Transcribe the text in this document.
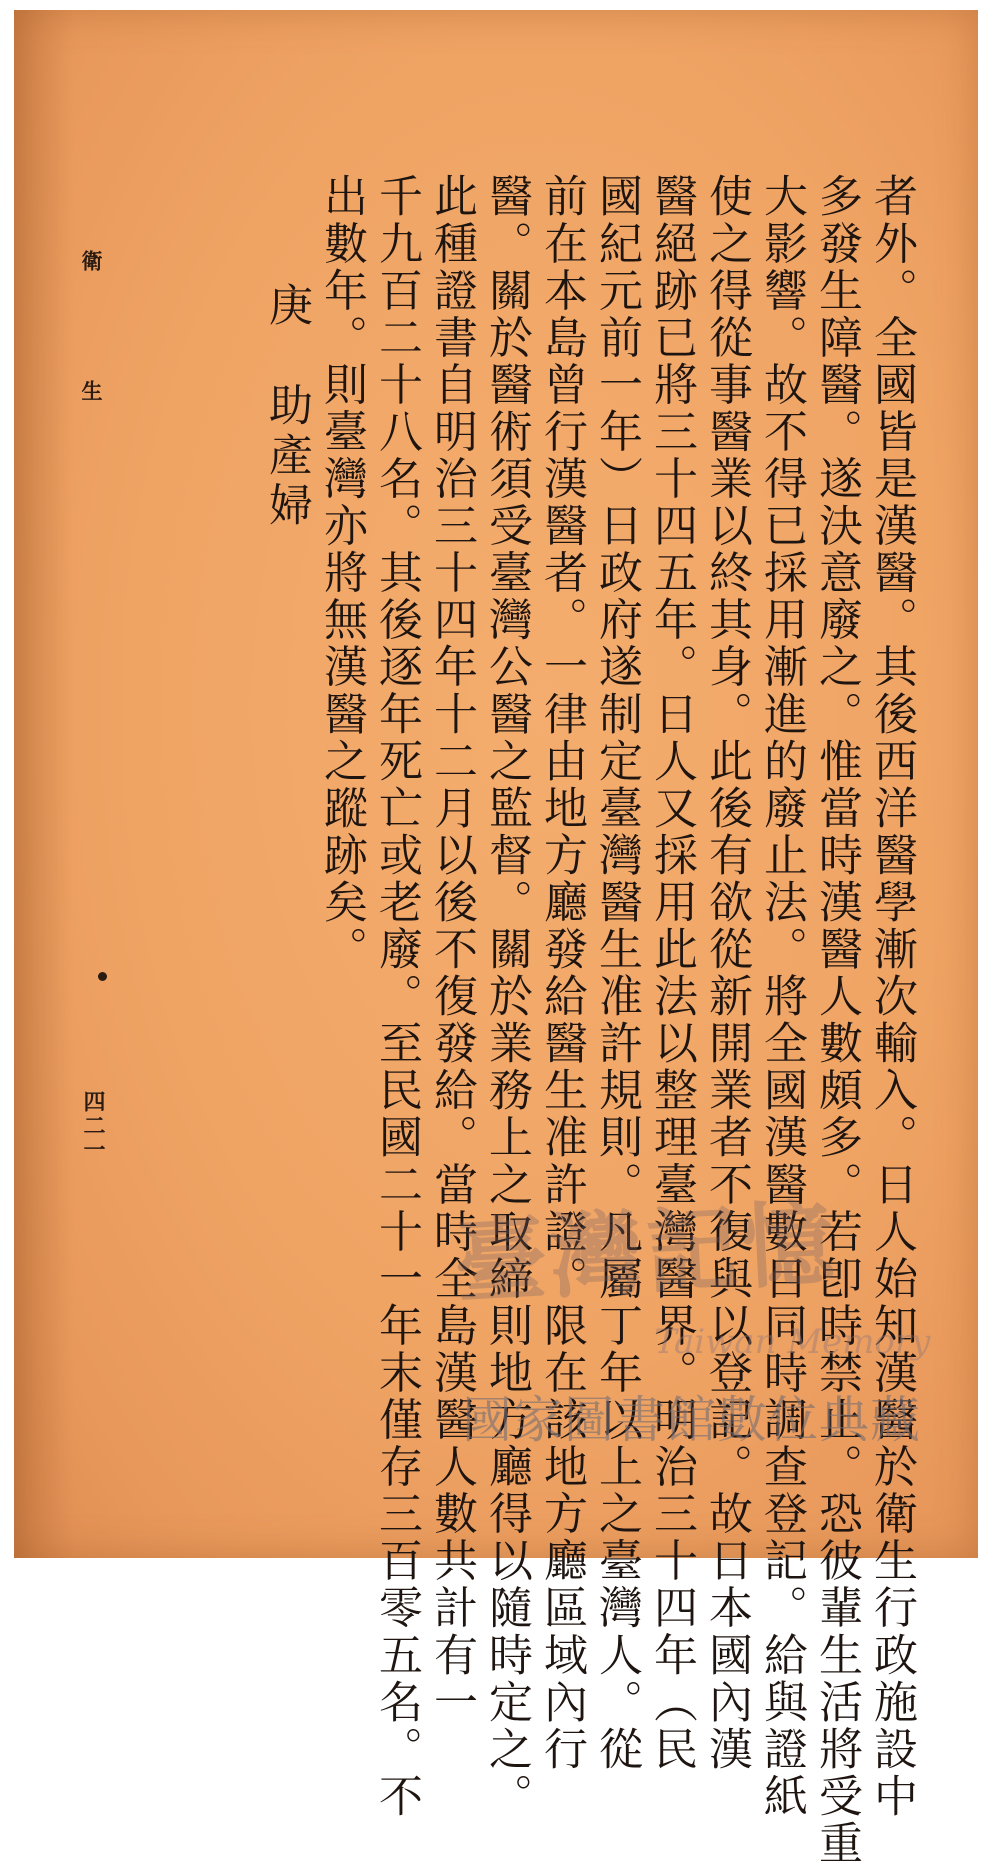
衛 生
四二一	者外。全國皆是漢醫。其後西洋醫學漸次輸入。日人始知漢醫於衛生行政施設中
多發生障醫。遂決意廢之。惟當時漢醫人數頗多。若卽時禁止。恐彼輩生活將受重
大影響。故不得已採用漸進的廢止法。將全國漢醫數目同時調查登記。給與證紙
使之得從事醫業以終其身。此後有欲從新開業者不復與以登記。故日本國內漢
醫絕跡已將三十四五年。日人又採用此法以整理臺灣醫界。明治三十四年（民
國紀元前一年）日政府遂制定臺灣醫生准許規則。凡屬丁年以上之臺灣人。從
前在本島曾行漢醫者。一律由地方廳發給醫生准許證。限在該地方廳區域內行
醫。關於醫術須受臺灣公醫之監督。關於業務上之取締則地方廳得以隨時定之。
此種證書自明治三十四年十二月以後不復發給。當時全島漢醫人數共計有一
千九百二十八名。其後逐年死亡或老廢。至民國二十一年末僅存三百零五名。不
出數年。則臺灣亦將無漢醫之蹤跡矣。
庚　助產婦
臺灣記憶
Taiwan Memory
國家圖書館數位典藏
